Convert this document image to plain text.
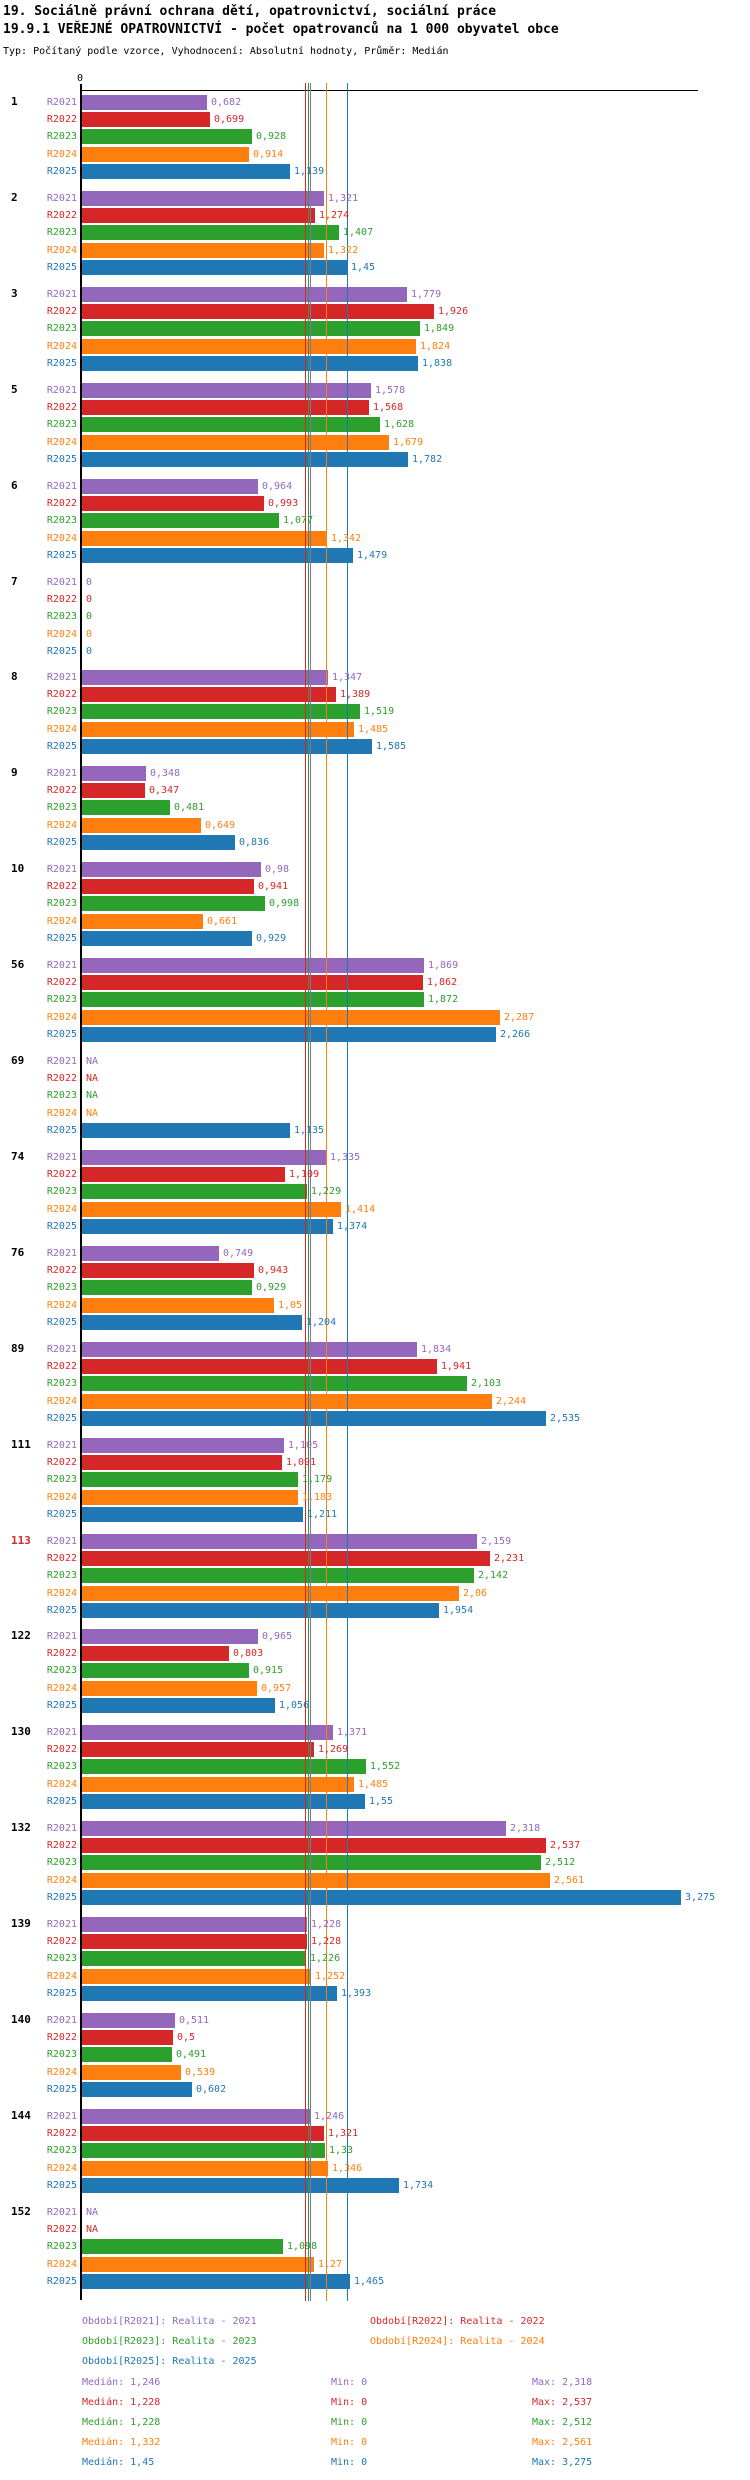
19. Sociálně právní ochrana dětí, opatrovnictví, sociální práce
19.9.1 VEŘEJNÉ OPATROVNICTVÍ - počet opatrovanců na 1 000 obyvatel obce
Typ: Počítaný podle vzorce, Vyhodnocení: Absolutní hodnoty, Průměr: Medián
0
1	R2021	0,682
R2022	0,699
R2023	0,928
R2024	0,914
R2025	1,139
2	R2021	1,321
R2022	1,274
R2023	1,407
R2024	1,322
R2025	1,45
3	R2021	1,779
R2022	1,926
R2023	1,849
R2024	1,824
R2025	1,838
5	R2021	1,578
R2022	1,568
R2023	1,628
R2024	1,679
R2025	1,782
6	R2021	0,964
R2022	0,993
R2023	1,077
R2024	1,342
R2025	1,479
7	R2021 0
R2022 0
R2023 0
R2024 0
R2025 0
8	R2021	1,347
R2022	1,389
R2023	1,519
R2024	1,485
R2025	1,585
9	R2021	0,348
R2022	0,347
R2023	0,481
R2024	0,649
R2025	0,836
10	R2021	0,98
R2022	0,941
R2023	0,998
R2024	0,661
R2025	0,929
56	R2021	1,869
R2022	1,862
R2023	1,872
R2024	2,287
R2025	2,266
69	R2021 NA
R2022 NA
R2023 NA
R2024 NA
R2025	1,135
74	R2021	1,335
R2022	1,109
R2023	1,229
R2024	1,414
R2025	1,374
76	R2021	0,749
R2022	0,943
R2023	0,929
R2024	1,05
R2025	1,204
89	R2021	1,834
R2022	1,941
R2023	2,103
R2024	2,244
R2025	2,535
111	R2021	1,105
R2022	1,091
R2023	1,179
R2024	1,183
R2025	1,211
113	R2021	2,159
R2022	2,231
R2023	2,142
R2024	2,06
R2025	1,954
122	R2021	0,965
R2022	0,803
R2023	0,915
R2024	0,957
R2025	1,056
130	R2021	1,371
R2022	1,269
R2023	1,552
R2024	1,485
R2025	1,55
132	R2021	2,318
R2022	2,537
R2023	2,512
R2024	2,561
R2025	3,275
139	R2021	1,228
R2022	1,228
R2023	1,226
R2024	1,252
R2025	1,393
140	R2021	0,511
R2022	0,5
R2023	0,491
R2024	0,539
R2025	0,602
144	R2021	1,246
R2022	1,321
R2023	1,33
R2024	1,346
R2025	1,734
152	R2021 NA
R2022 NA
R2023	1,098
R2024	1,27
R2025	1,465
Období[R2021]: Realita - 2021	Období[R2022]: Realita - 2022
Období[R2023]: Realita - 2023	Období[R2024]: Realita - 2024
Období[R2025]: Realita - 2025
Medián: 1,246	Min: 0	Max: 2,318
Medián: 1,228	Min: 0	Max: 2,537
Medián: 1,228	Min: 0	Max: 2,512
Medián: 1,332	Min: 0	Max: 2,561
Medián: 1,45	Min: 0	Max: 3,275
